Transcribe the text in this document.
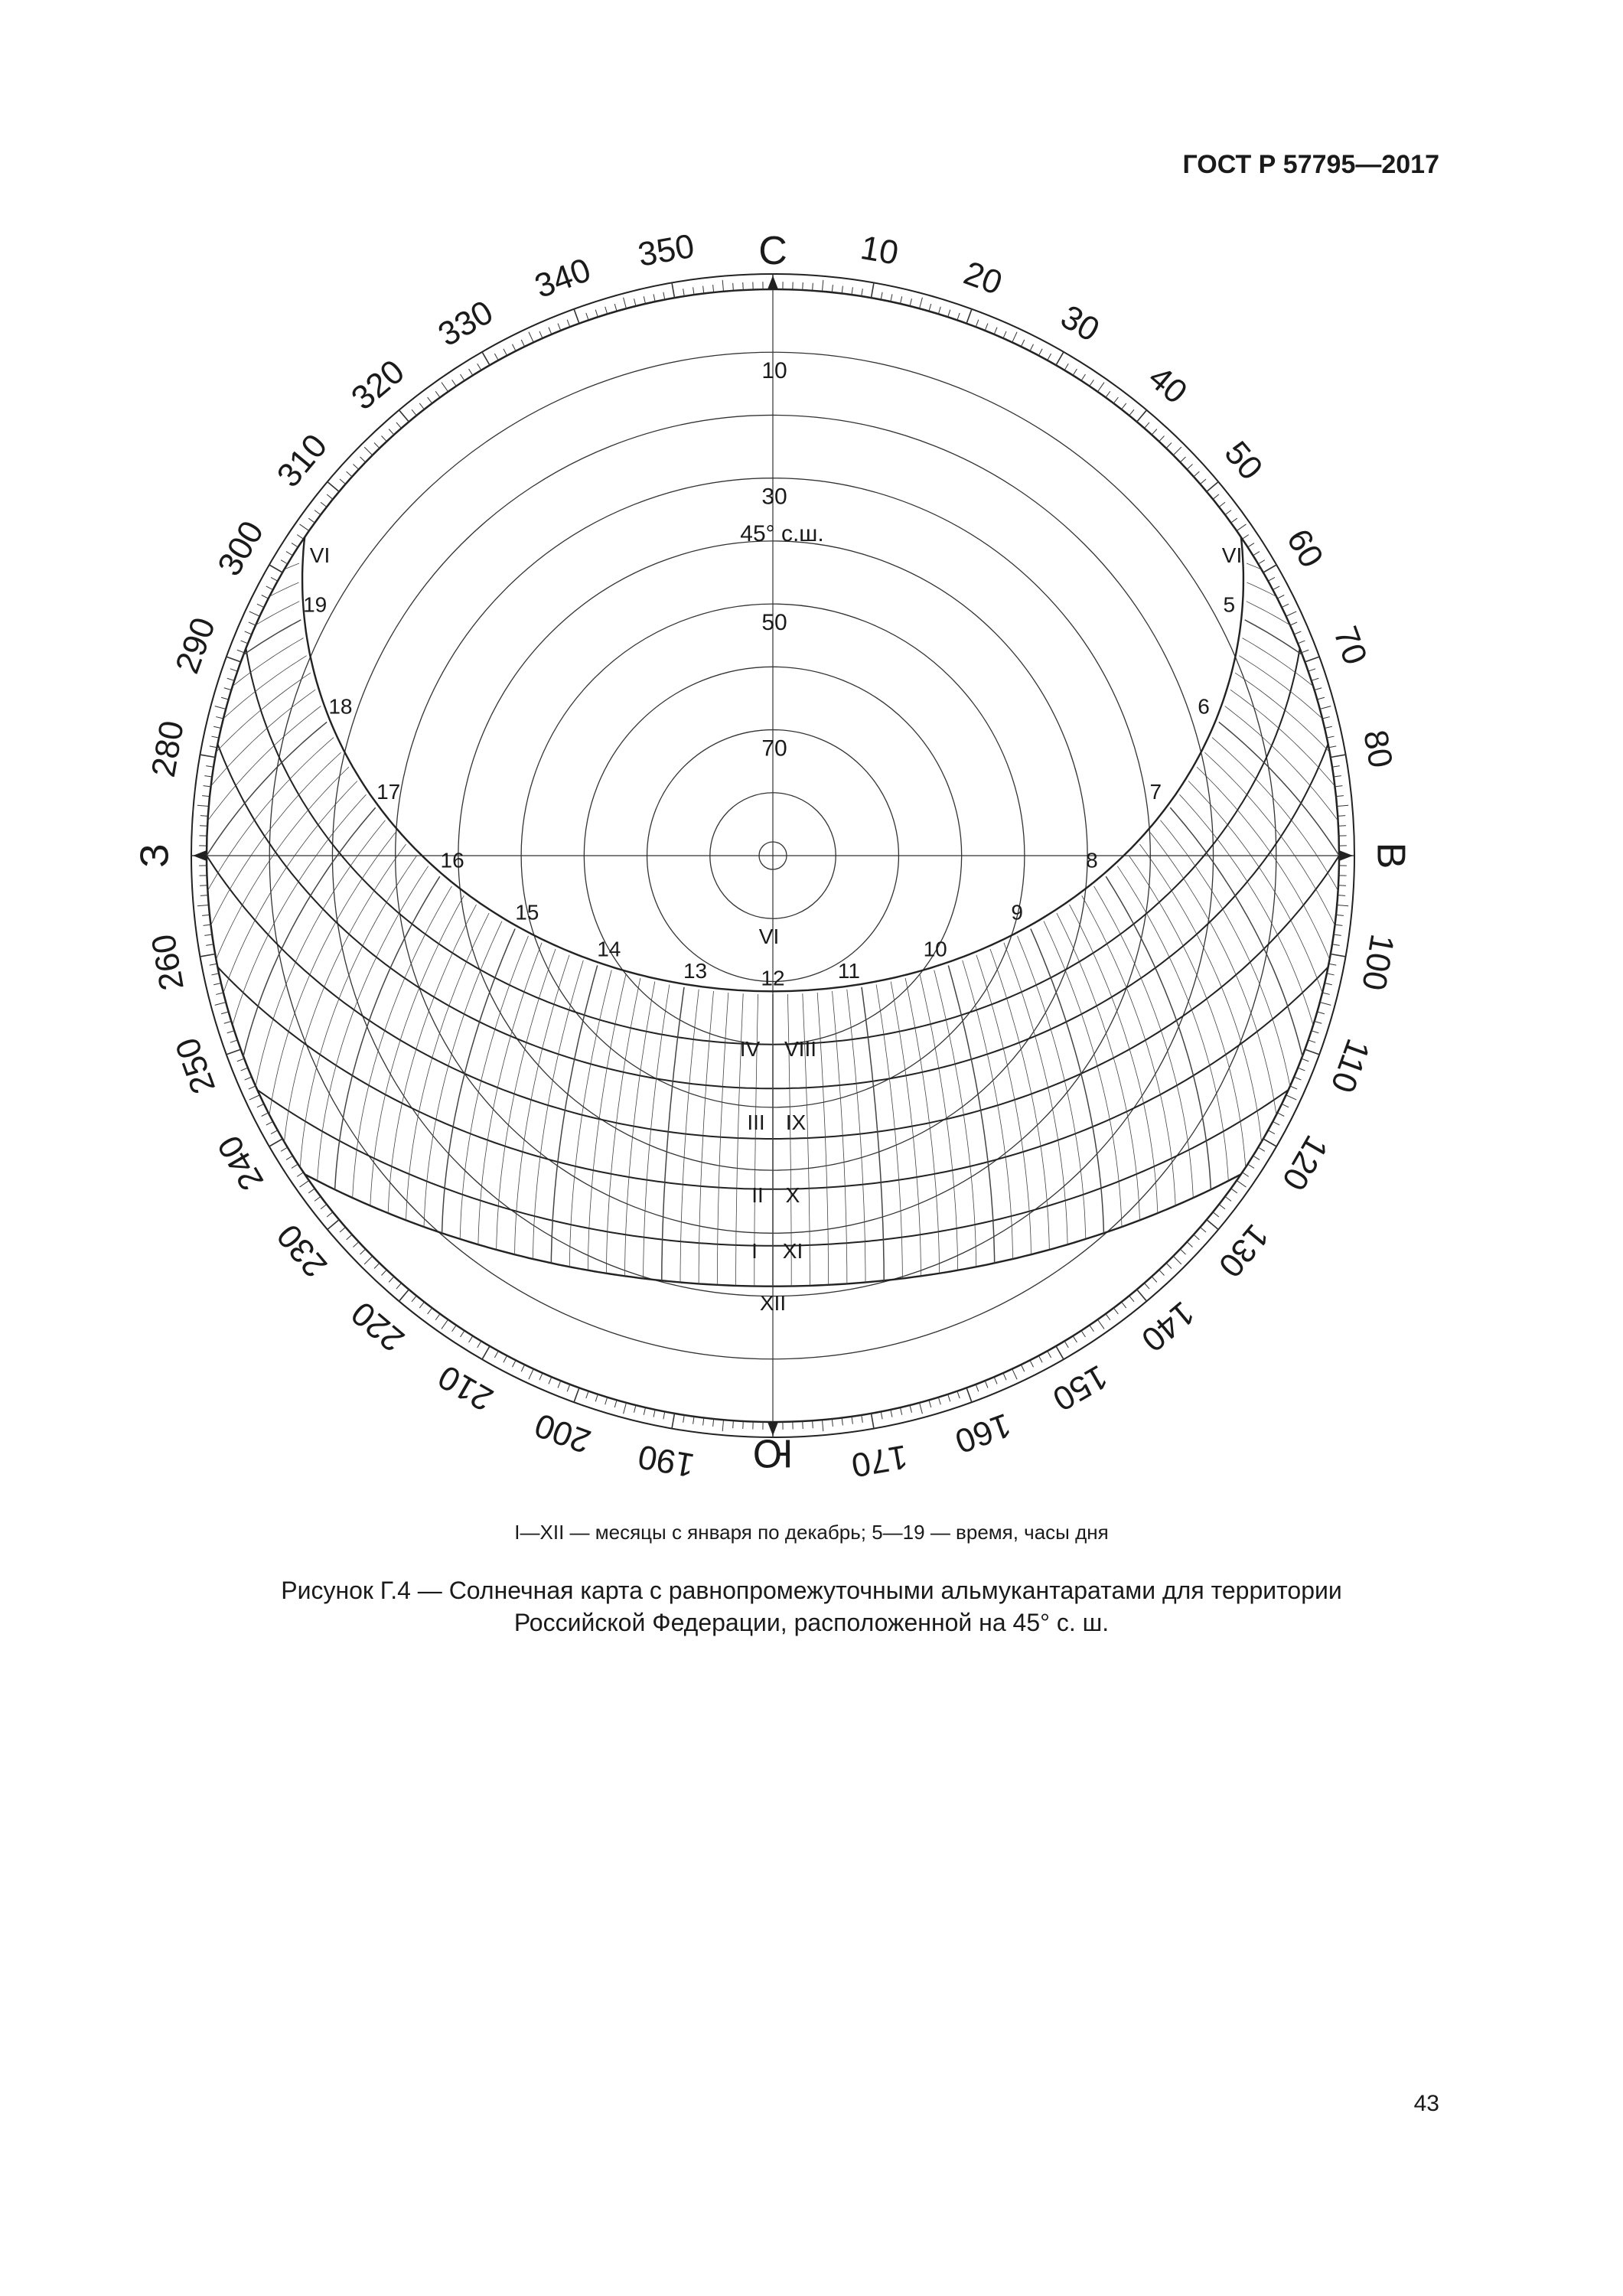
ГОСТ Р 57795—2017
С
В
Ю
З
45° с.ш.
10
20
30
40
50
60
70
80
100
110
120
130
140
150
160
170
190
200
210
220
230
240
250
260
280
290
300
310
320
330
340
350
10
30
50
70
5
6
7
8
9
10
11
12
13
14
15
16
17
18
19
VI	VI
VI
IV VIII
III IX
II X
I XI
XII
I—XII — месяцы с января по декабрь; 5—19 — время, часы дня
Рисунок Г.4 — Солнечная карта с равнопромежуточными альмукантаратами для территории
Российской Федерации, расположенной на 45° с. ш.
43
